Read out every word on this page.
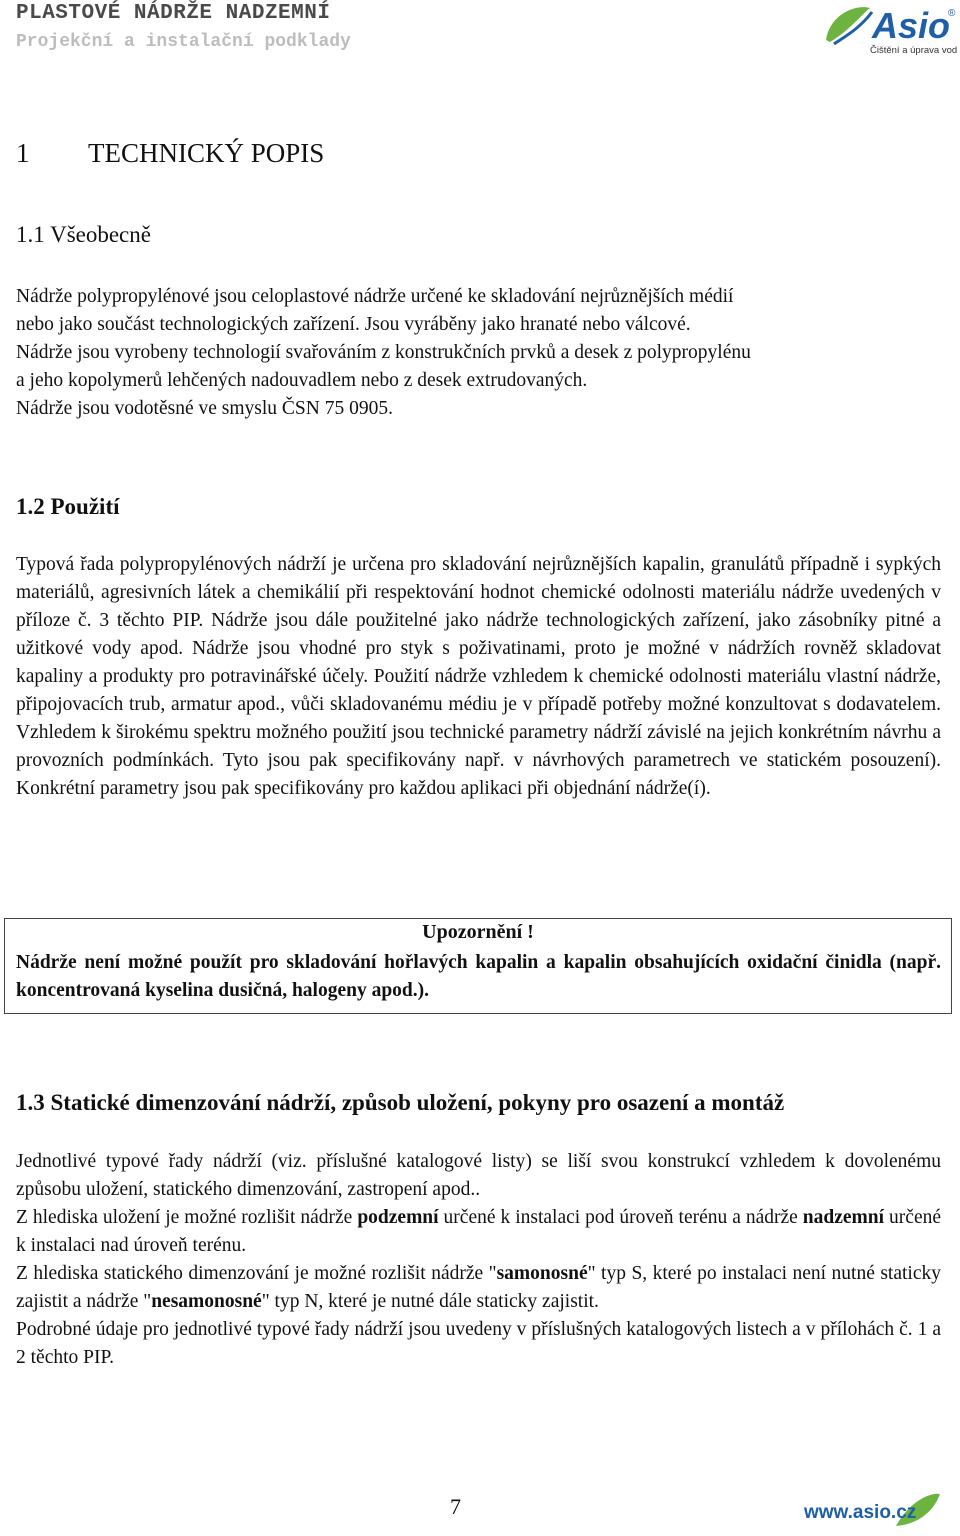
PLASTOVÉ NÁDRŽE NADZEMNÍ
Projekční a instalační podklady	Asio
®
Čištění a úprava vod
1 TECHNICKÝ POPIS
1.1 Všeobecně
Nádrže polypropylénové jsou celoplastové nádrže určené ke skladování nejrůznějších médií
nebo jako součást technologických zařízení. Jsou vyráběny jako hranaté nebo válcové.
Nádrže jsou vyrobeny technologií svařováním z konstrukčních prvků a desek z polypropylénu
a jeho kopolymerů lehčených nadouvadlem nebo z desek extrudovaných.
Nádrže jsou vodotěsné ve smyslu ČSN 75 0905.
1.2 Použití

Typová řada polypropylénových nádrží je určena pro skladování nejrůznějších kapalin, granulátů případně i sypkých materiálů, agresivních látek a chemikálií při respektování hodnot chemické odolnosti materiálu nádrže uvedených v příloze č. 3 těchto PIP. Nádrže jsou dále použitelné jako nádrže technologických zařízení, jako zásobníky pitné a užitkové vody apod. Nádrže jsou vhodné pro styk s poživatinami, proto je možné v nádržích rovněž skladovat kapaliny a produkty pro potravinářské účely. Použití nádrže vzhledem k chemické odolnosti materiálu vlastní nádrže, připojovacích trub, armatur apod., vůči skladovanému médiu je v případě potřeby možné konzultovat s dodavatelem. Vzhledem k širokému spektru možného použití jsou technické parametry nádrží závislé na jejich konkrétním návrhu a provozních podmínkách. Tyto jsou pak specifikovány např. v návrhových parametrech ve statickém posouzení). Konkrétní parametry jsou pak specifikovány pro každou aplikaci při objednání nádrže(í).

Upozornění !

Nádrže není možné použít pro skladování hořlavých kapalin a kapalin obsahujících oxidační činidla (např. koncentrovaná kyselina dusičná, halogeny apod.).

1.3 Statické dimenzování nádrží, způsob uložení, pokyny pro osazení a montáž
Jednotlivé typové řady nádrží (viz. příslušné katalogové listy) se liší svou konstrukcí vzhledem k dovolenému způsobu uložení, statického dimenzování, zastropení apod..
Z hlediska uložení je možné rozlišit nádrže podzemní určené k instalaci pod úroveň terénu a nádrže nadzemní určené k instalaci nad úroveň terénu.
Z hlediska statického dimenzování je možné rozlišit nádrže "samonosné" typ S, které po instalaci není nutné staticky zajistit a nádrže "nesamonosné" typ N, které je nutné dále staticky zajistit.
Podrobné údaje pro jednotlivé typové řady nádrží jsou uvedeny v příslušných katalogových listech a v přílohách č. 1 a 2 těchto PIP.
7	www.asio.cz
